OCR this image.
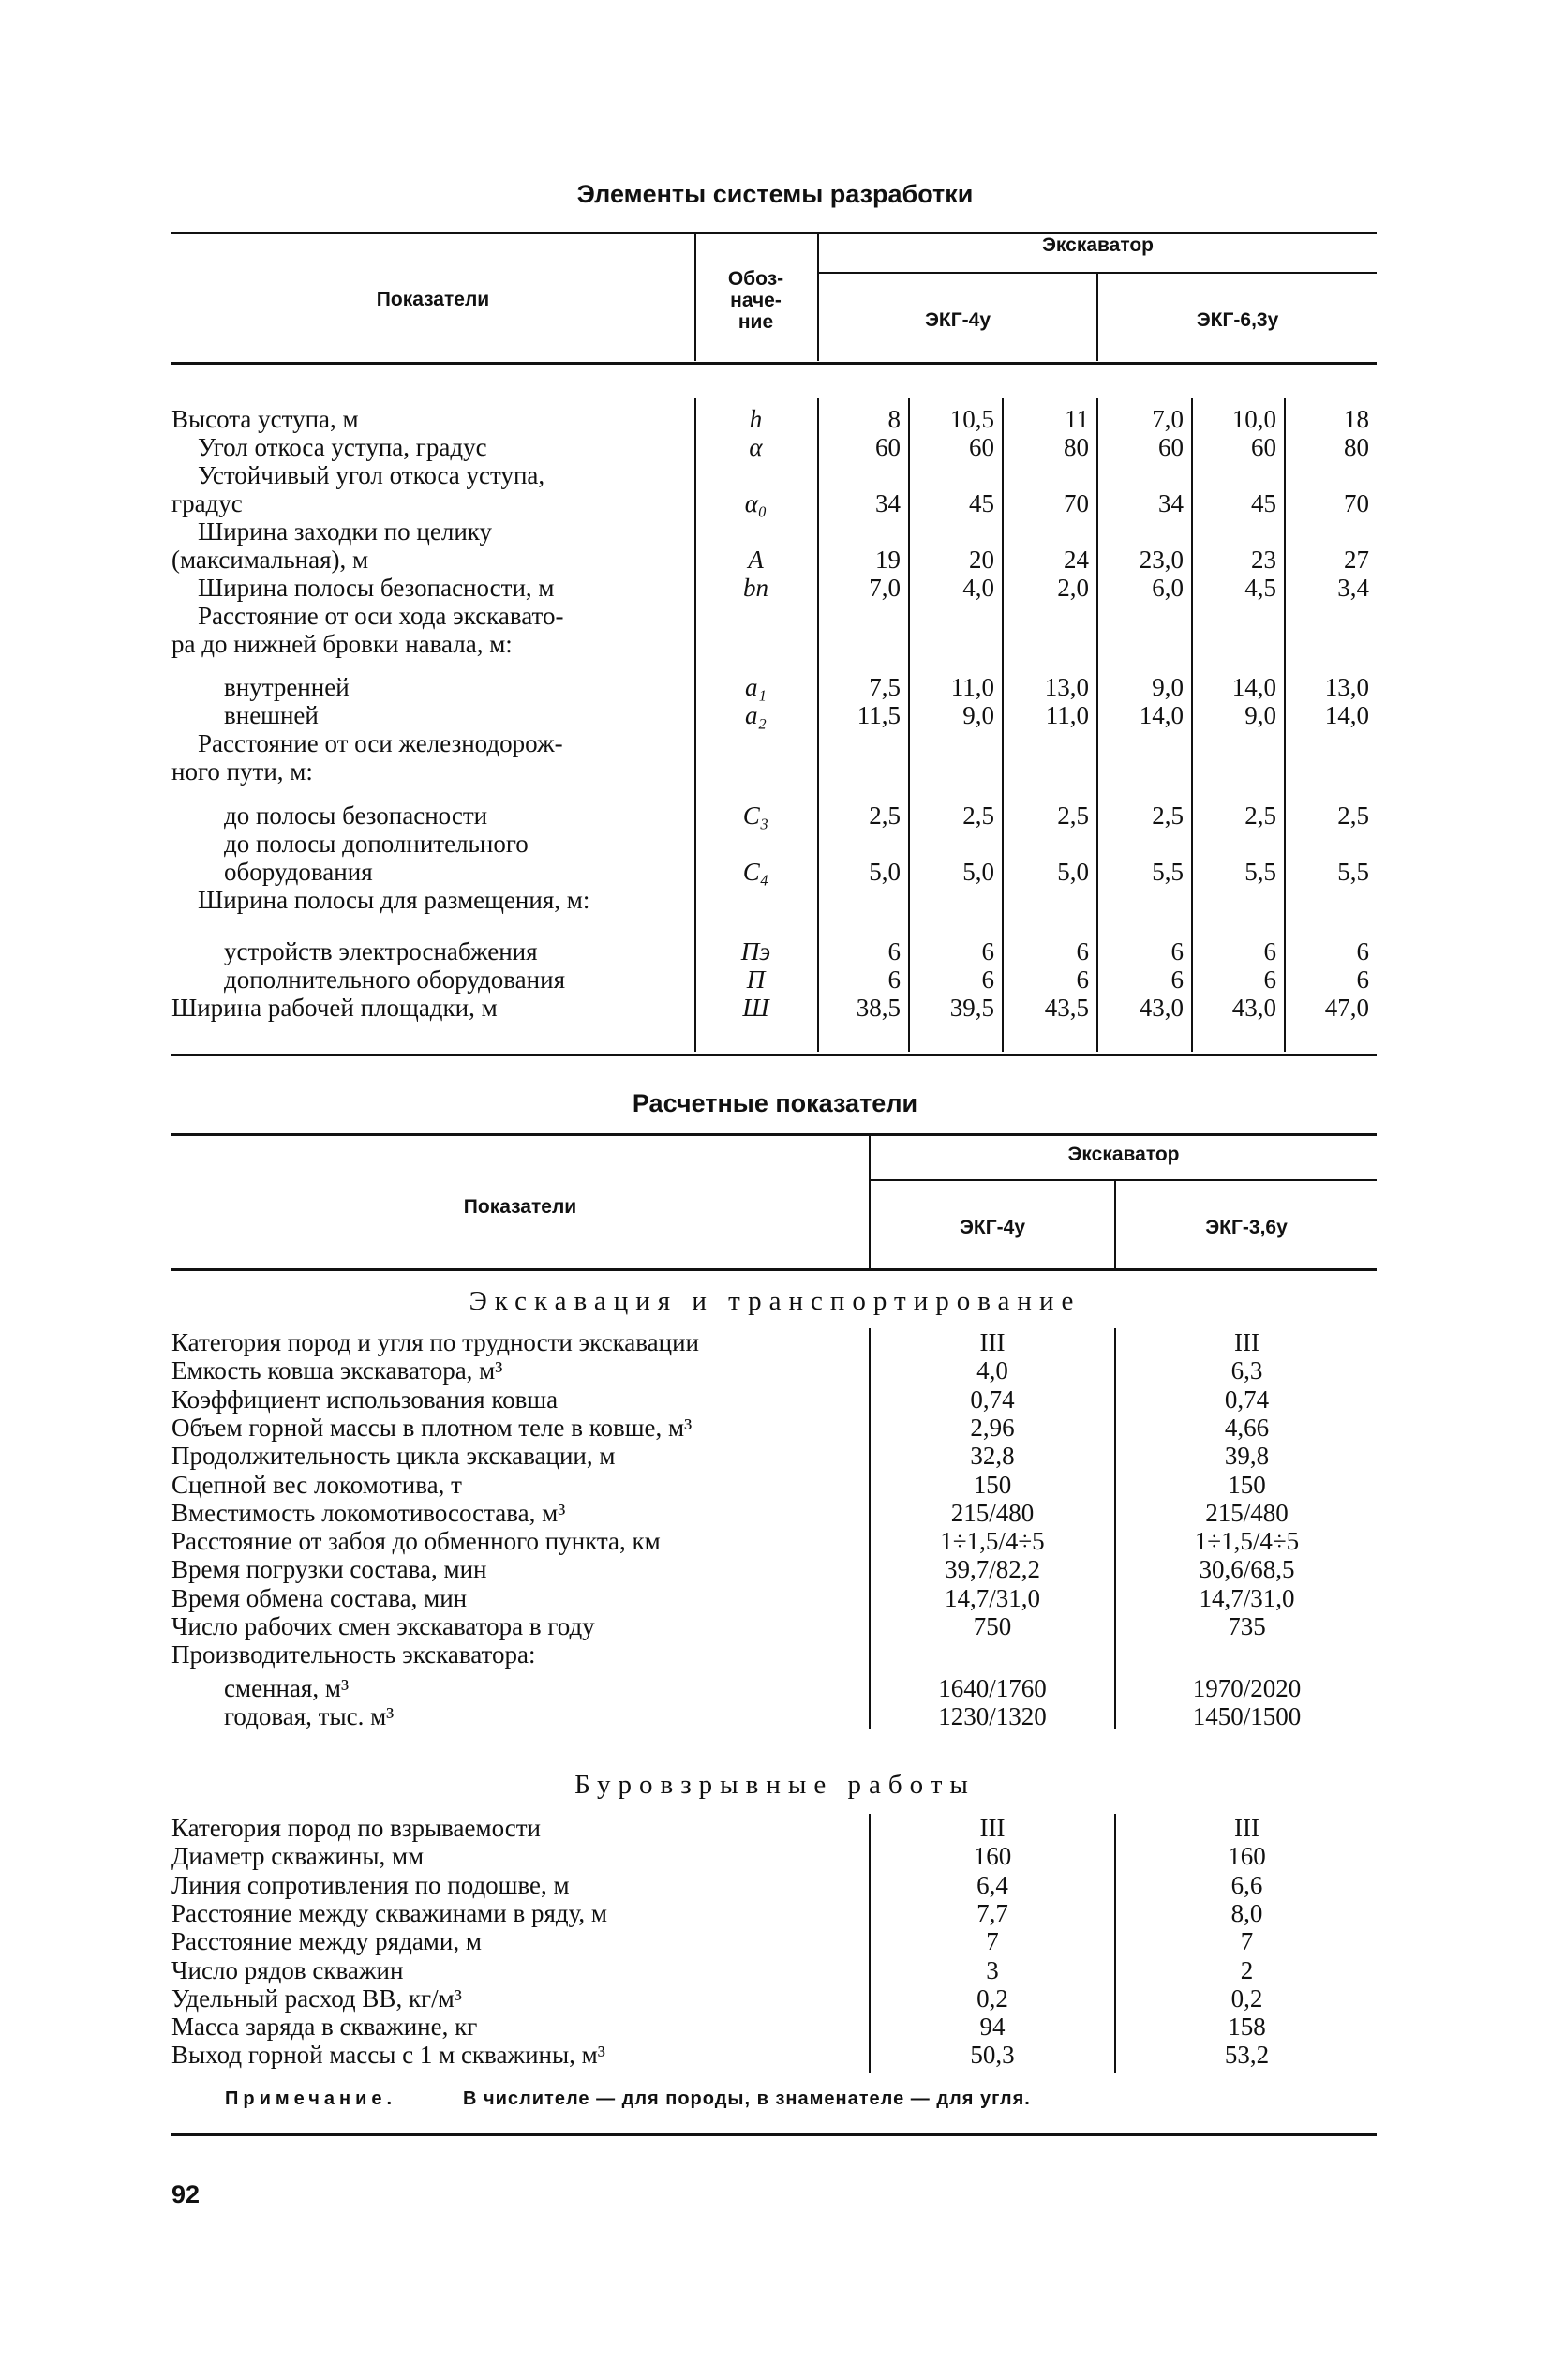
Элементы системы разработки
Показатели
Обоз-
наче-
ние
Экскаватор
ЭКГ-4у	ЭКГ-6,3у
Высота уступа, м	h	8	10,5	11	7,0	10,0	18
Угол откоса уступа, градус	α	60	60	80	60	60	80
Устойчивый угол откоса уступа,
градус	α₀	34	45	70	34	45	70
Ширина заходки по целику
(максимальная), м	A	19	20	24	23,0	23	27
Ширина полосы безопасности, м	bп	7,0	4,0	2,0	6,0	4,5	3,4
Расстояние от оси хода экскавато-
ра до нижней бровки навала, м:
внутренней	a₁	7,5	11,0	13,0	9,0	14,0	13,0
внешней	a₂	11,5	9,0	11,0	14,0	9,0	14,0
Расстояние от оси железнодорож-
ного пути, м:
до полосы безопасности	C₃	2,5	2,5	2,5	2,5	2,5	2,5
до полосы дополнительного
оборудования	C₄	5,0	5,0	5,0	5,5	5,5	5,5
Ширина полосы для размещения, м:
устройств электроснабжения	Пэ	6	6	6	6	6	6
дополнительного оборудования	П	6	6	6	6	6	6
Ширина рабочей площадки, м	Ш	38,5	39,5	43,5	43,0	43,0	47,0
Расчетные показатели
Показатели
Экскаватор
ЭКГ-4у	ЭКГ-3,6у
Экскавация и транспортирование
Категория пород и угля по трудности экскавации	III	III
Емкость ковша экскаватора, м³	4,0	6,3
Коэффициент использования ковша	0,74	0,74
Объем горной массы в плотном теле в ковше, м³	2,96	4,66
Продолжительность цикла экскавации, м	32,8	39,8
Сцепной вес локомотива, т	150	150
Вместимость локомотивосостава, м³	215/480	215/480
Расстояние от забоя до обменного пункта, км	1÷1,5/4÷5	1÷1,5/4÷5
Время погрузки состава, мин	39,7/82,2	30,6/68,5
Время обмена состава, мин	14,7/31,0	14,7/31,0
Число рабочих смен экскаватора в году	750	735
Производительность экскаватора:
сменная, м³	1640/1760	1970/2020
годовая, тыс. м³	1230/1320	1450/1500
Буровзрывные работы
Категория пород по взрываемости	III	III
Диаметр скважины, мм	160	160
Линия сопротивления по подошве, м	6,4	6,6
Расстояние между скважинами в ряду, м	7,7	8,0
Расстояние между рядами, м	7	7
Число рядов скважин	3	2
Удельный расход ВВ, кг/м³	0,2	0,2
Масса заряда в скважине, кг	94	158
Выход горной массы с 1 м скважины, м³	50,3	53,2
Примечание.	В числителе — для породы, в знаменателе — для угля.
92
